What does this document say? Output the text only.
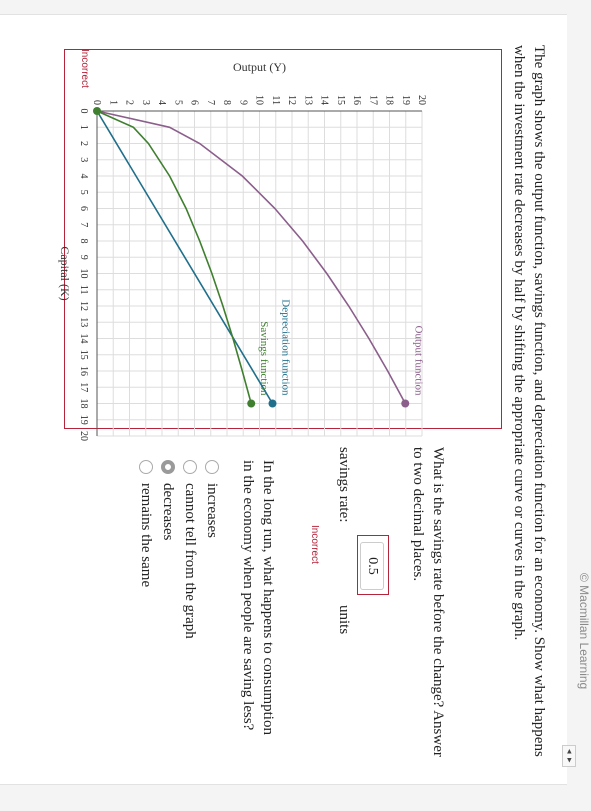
© Macmillan Learning
The graph shows the output function, savings function, and depreciation function for an economy. Show what happens when the investment rate decreases by half by shifting the appropriate curve or curves in the graph.
0
1
2
3
4
5
6
7
8
9
10
11
12
13
14
15
16
17
18
19
20
0 1 2 3 4 5 6 7 8 9 10 11 12 13 14 15 16 17 18 19 20
Capital (K)
Output (Y)
Output function
Depreciation function
Savings function
Incorrect
What is the savings rate before the change? Answer to two decimal places.
savings rate:
0.5
units
Incorrect
In the long run, what happens to consumption in the economy when people are saving less?
increases
cannot tell from the graph
decreases
remains the same
◂
▸
